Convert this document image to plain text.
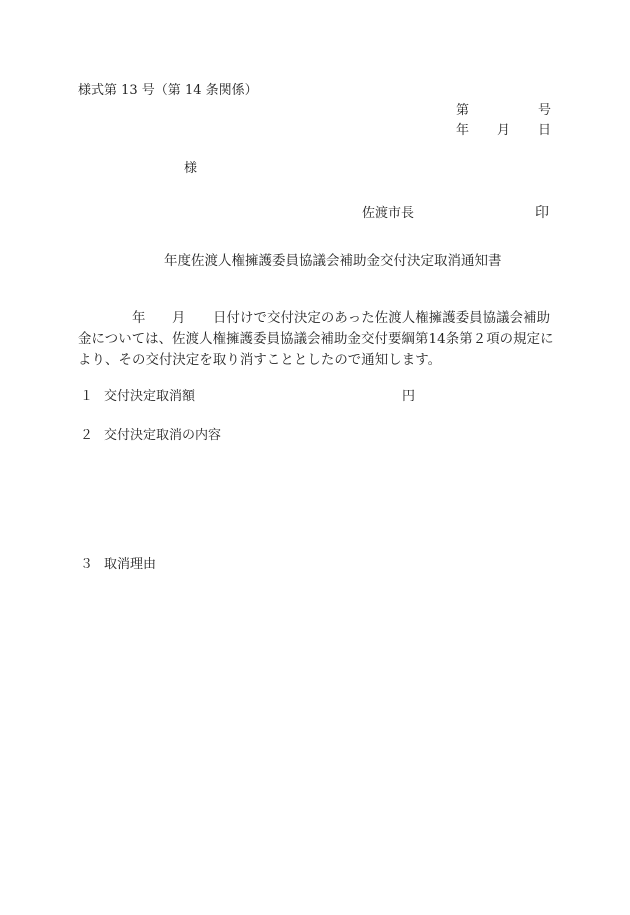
様式第 13 号（第 14 条関係）
第	号
年 月 日
様
佐渡市長	印
年度佐渡人権擁護委員協議会補助金交付決定取消通知書
年 月 日付けで交付決定のあった佐渡人権擁護委員協議会補助
金については、佐渡人権擁護委員協議会補助金交付要綱第14条第２項の規定に
より、その交付決定を取り消すこととしたので通知します。
１ 交付決定取消額	円
２ 交付決定取消の内容
３ 取消理由
